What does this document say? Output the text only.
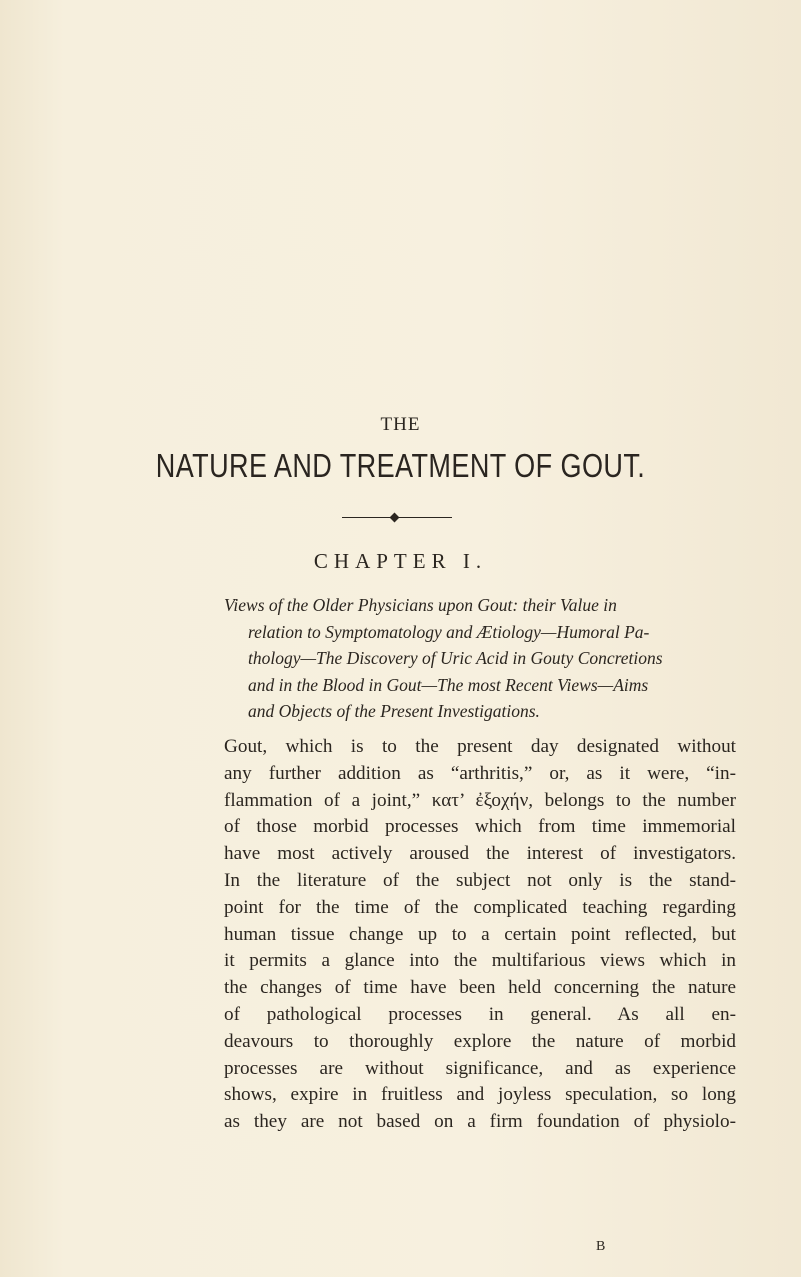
THE
NATURE AND TREATMENT OF GOUT.
CHAPTER I.
Views of the Older Physicians upon Gout: their Value in
relation to Symptomatology and Ætiology—Humoral Pa-
thology—The Discovery of Uric Acid in Gouty Concretions
and in the Blood in Gout—The most Recent Views—Aims
and Objects of the Present Investigations.
Gout, which is to the present day designated without
any further addition as “arthritis,” or, as it were, “in-
flammation of a joint,” κατ’ ἐξοχήν, belongs to the number
of those morbid processes which from time immemorial
have most actively aroused the interest of investigators.
In the literature of the subject not only is the stand-
point for the time of the complicated teaching regarding
human tissue change up to a certain point reflected, but
it permits a glance into the multifarious views which in
the changes of time have been held concerning the nature
of pathological processes in general. As all en-
deavours to thoroughly explore the nature of morbid
processes are without significance, and as experience
shows, expire in fruitless and joyless speculation, so long
as they are not based on a firm foundation of physiolo-
B
